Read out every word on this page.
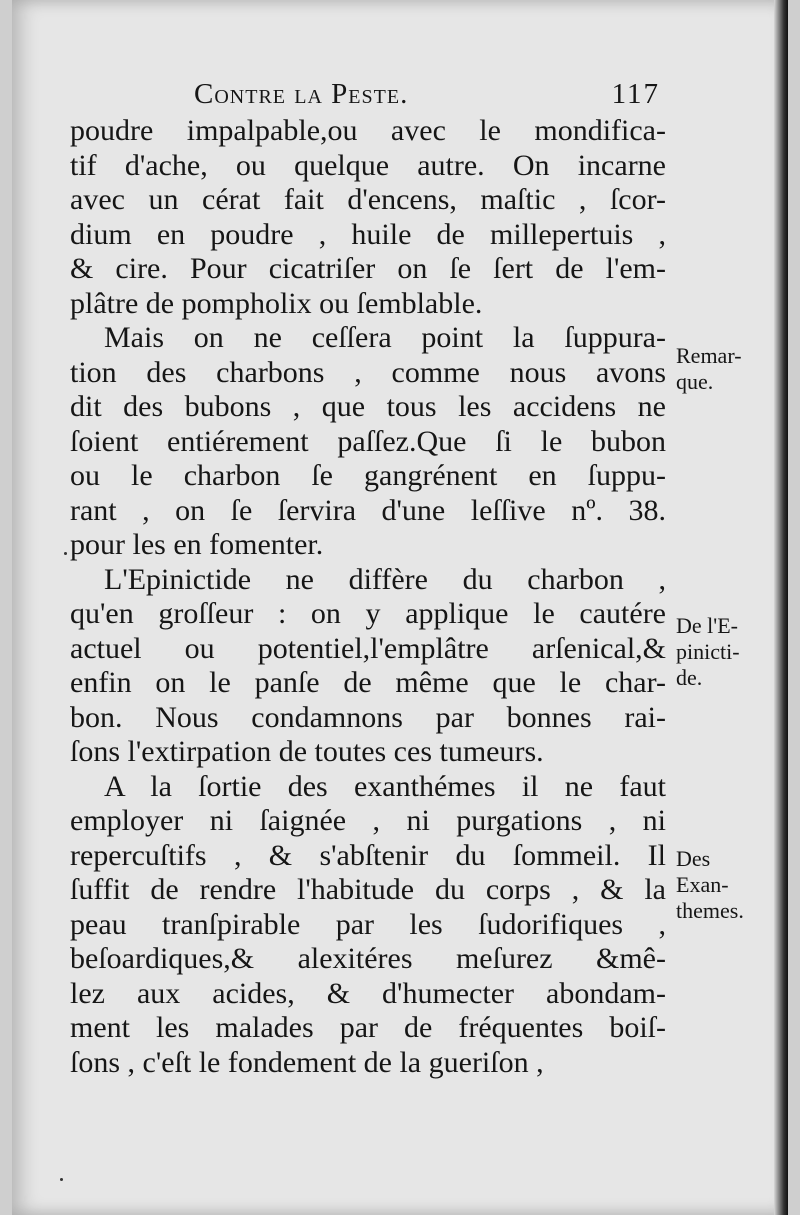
Contre la Peste.	117
poudre impalpable,ou avec le mondifica-
tif d'ache, ou quelque autre. On incarne
avec un cérat fait d'encens, maſtic , ſcor-
dium en poudre , huile de millepertuis ,
& cire. Pour cicatriſer on ſe ſert de l'em-
plâtre de pompholix ou ſemblable.
Mais on ne ceſſera point la ſuppura-
tion des charbons , comme nous avons
dit des bubons , que tous les accidens ne
ſoient entiérement paſſez.Que ſi le bubon
ou le charbon ſe gangrénent en ſuppu-
rant , on ſe ſervira d'une leſſive nº. 38.
pour les en fomenter.
L'Epinictide ne diffère du charbon ,
qu'en groſſeur : on y applique le cautére
actuel ou potentiel,l'emplâtre arſenical,&
enfin on le panſe de même que le char-
bon. Nous condamnons par bonnes rai-
ſons l'extirpation de toutes ces tumeurs.
A la ſortie des exanthémes il ne faut
employer ni ſaignée , ni purgations , ni
repercuſtifs , & s'abſtenir du ſommeil. Il
ſuffit de rendre l'habitude du corps , & la
peau tranſpirable par les ſudorifiques ,
beſoardiques,& alexitéres meſurez &mê-
lez aux acides, & d'humecter abondam-
ment les malades par de fréquentes boiſ-
ſons , c'eſt le fondement de la gueriſon ,
Remar-
que.
De l'E-
pinicti-
de.
Des
Exan-
themes.
